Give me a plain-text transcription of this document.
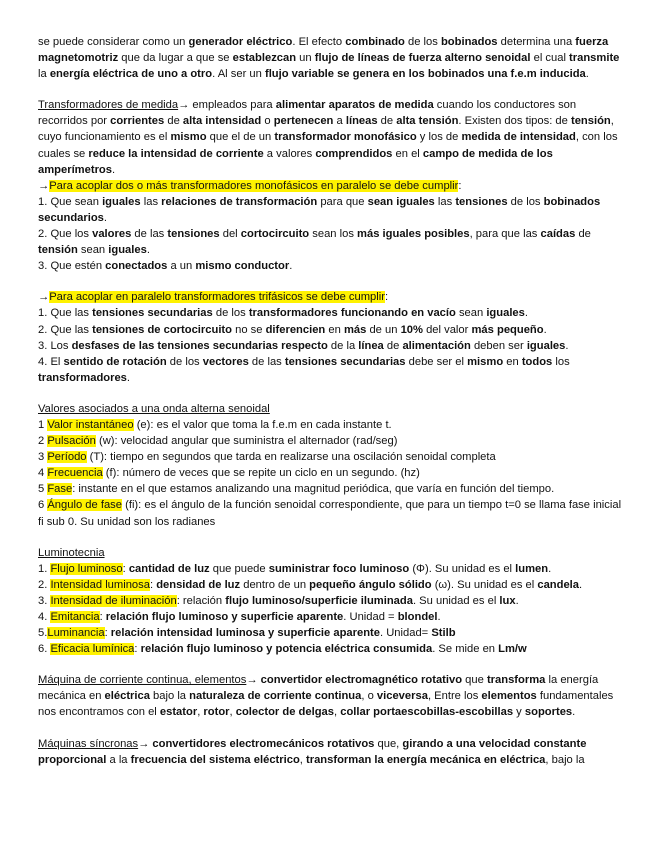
se puede considerar como un generador eléctrico. El efecto combinado de los bobinados determina una fuerza magnetomotriz que da lugar a que se establezcan un flujo de líneas de fuerza alterno senoidal el cual transmite la energía eléctrica de uno a otro. Al ser un flujo variable se genera en los bobinados una f.e.m inducida.

Transformadores de medida→ empleados para alimentar aparatos de medida cuando los conductores son recorridos por corrientes de alta intensidad o pertenecen a líneas de alta tensión. Existen dos tipos: de tensión, cuyo funcionamiento es el mismo que el de un transformador monofásico y los de medida de intensidad, con los cuales se reduce la intensidad de corriente a valores comprendidos en el campo de medida de los amperímetros.

→Para acoplar dos o más transformadores monofásicos en paralelo se debe cumplir:

1. Que sean iguales las relaciones de transformación para que sean iguales las tensiones de los bobinados secundarios.

2. Que los valores de las tensiones del cortocircuito sean los más iguales posibles, para que las caídas de tensión sean iguales.

3. Que estén conectados a un mismo conductor.

→Para acoplar en paralelo transformadores trifásicos se debe cumplir:

1. Que las tensiones secundarias de los transformadores funcionando en vacío sean iguales.

2. Que las tensiones de cortocircuito no se diferencien en más de un 10% del valor más pequeño.

3. Los desfases de las tensiones secundarias respecto de la línea de alimentación deben ser iguales.

4. El sentido de rotación de los vectores de las tensiones secundarias debe ser el mismo en todos los transformadores.

Valores asociados a una onda alterna senoidal

1 Valor instantáneo (e): es el valor que toma la f.e.m en cada instante t.

2 Pulsación (w): velocidad angular que suministra el alternador (rad/seg)

3 Período (T): tiempo en segundos que tarda en realizarse una oscilación senoidal completa

4 Frecuencia (f): número de veces que se repite un ciclo en un segundo. (hz)

5 Fase: instante en el que estamos analizando una magnitud periódica, que varía en función del tiempo.

6 Ángulo de fase (fi): es el ángulo de la función senoidal correspondiente, que para un tiempo t=0 se llama fase inicial fi sub 0. Su unidad son los radianes

Luminotecnia

1. Flujo luminoso: cantidad de luz que puede suministrar foco luminoso (Φ). Su unidad es el lumen.

2. Intensidad luminosa: densidad de luz dentro de un pequeño ángulo sólido (ω). Su unidad es el candela.

3. Intensidad de iluminación: relación flujo luminoso/superficie iluminada. Su unidad es el lux.

4. Emitancia: relación flujo luminoso y superficie aparente. Unidad = blondel.

5.Luminancia: relación intensidad luminosa y superficie aparente. Unidad= Stilb

6. Eficacia lumínica: relación flujo luminoso y potencia eléctrica consumida. Se mide en Lm/w

Máquina de corriente continua, elementos→ convertidor electromagnético rotativo que transforma la energía mecánica en eléctrica bajo la naturaleza de corriente continua, o viceversa, Entre los elementos fundamentales nos encontramos con el estator, rotor, colector de delgas, collar portaescobillas-escobillas y soportes.

Máquinas síncronas→ convertidores electromecánicos rotativos que, girando a una velocidad constante proporcional a la frecuencia del sistema eléctrico, transforman la energía mecánica en eléctrica, bajo la
